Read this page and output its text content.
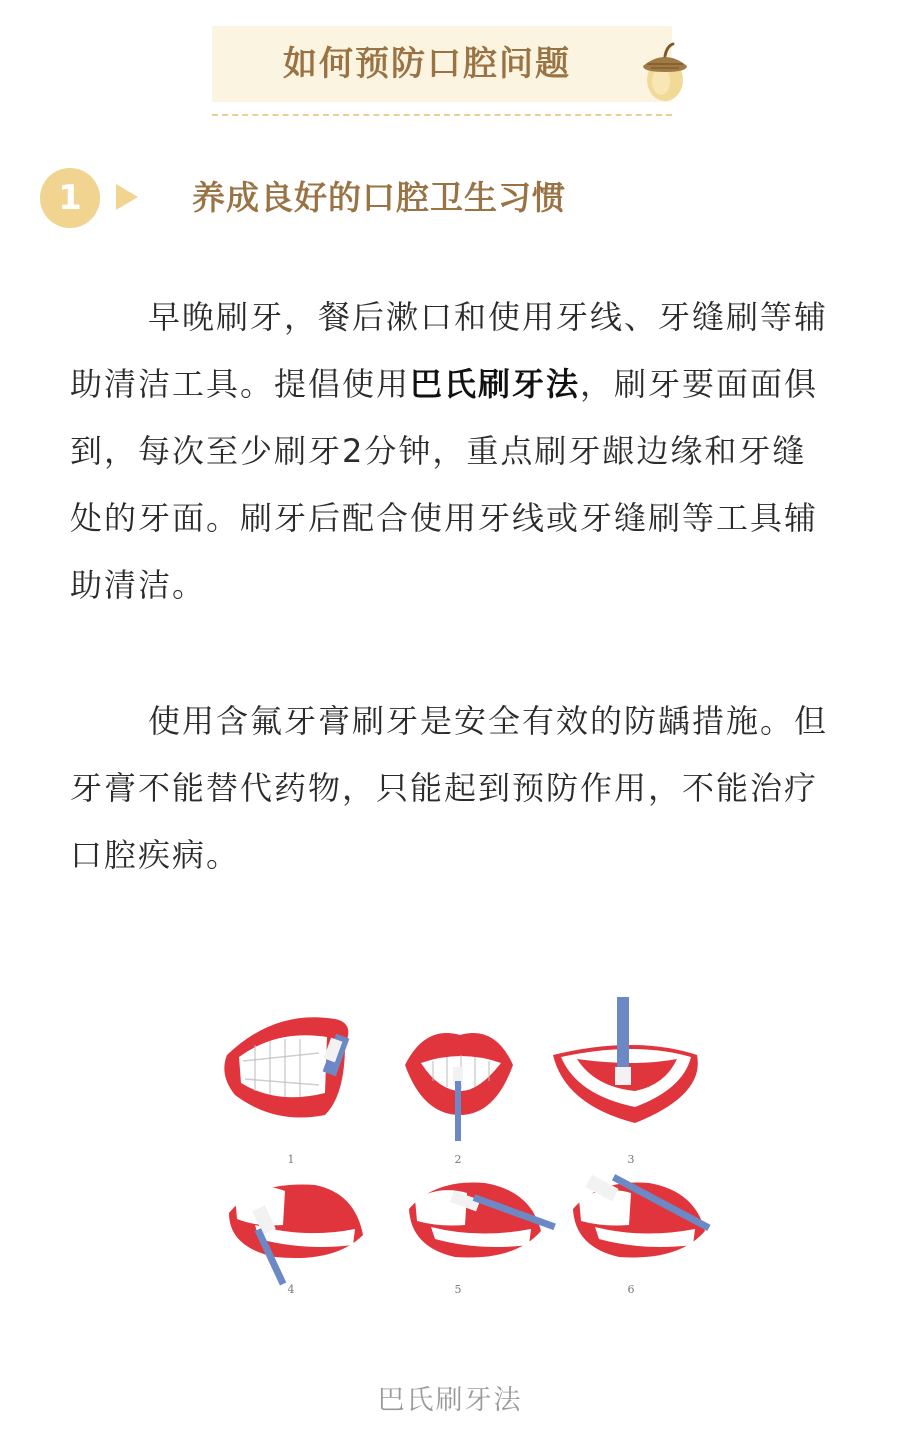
如何预防口腔问题
1	养成良好的口腔卫生习惯

早晚刷牙，餐后漱口和使用牙线、牙缝刷等辅助清洁工具。提倡使用巴氏刷牙法，刷牙要面面俱到，每次至少刷牙2分钟，重点刷牙龈边缘和牙缝处的牙面。刷牙后配合使用牙线或牙缝刷等工具辅助清洁。

使用含氟牙膏刷牙是安全有效的防龋措施。但牙膏不能替代药物，只能起到预防作用，不能治疗口腔疾病。

1	2	3
4	5	6
巴氏刷牙法
